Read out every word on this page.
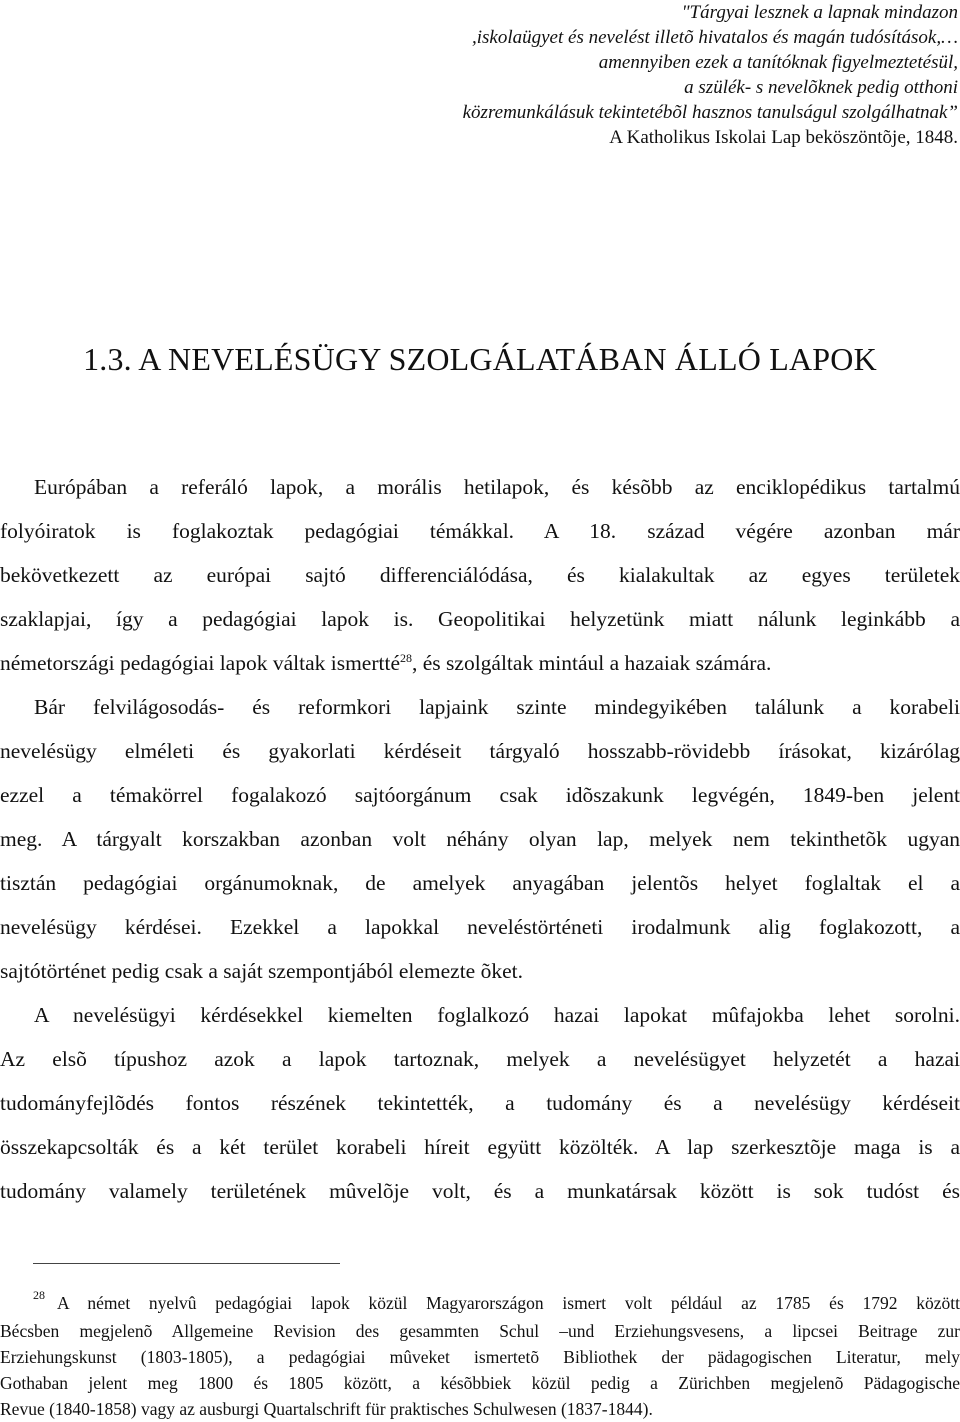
"Tárgyai lesznek a lapnak mindazon
,iskolaügyet és nevelést illetõ hivatalos és magán tudósítások,…
amennyiben ezek a tanítóknak figyelmeztetésül,
a szülék- s nevelõknek pedig otthoni
közremunkálásuk tekintetébõl hasznos tanulságul szolgálhatnak”
A Katholikus Iskolai Lap beköszöntõje, 1848.
1.3. A NEVELÉSÜGY SZOLGÁLATÁBAN ÁLLÓ LAPOK

Európában a referáló lapok, a morális hetilapok, és késõbb az enciklopédikus tartalmú
folyóiratok is foglakoztak pedagógiai témákkal. A 18. század végére azonban már
bekövetkezett az európai sajtó differenciálódása, és kialakultak az egyes területek
szaklapjai, így a pedagógiai lapok is. Geopolitikai helyzetünk miatt nálunk leginkább a
németországi pedagógiai lapok váltak ismertté$^{28}$, és szolgáltak mintául a hazaiak számára.

Bár felvilágosodás- és reformkori lapjaink szinte mindegyikében találunk a korabeli
nevelésügy elméleti és gyakorlati kérdéseit tárgyaló hosszabb-rövidebb írásokat, kizárólag
ezzel a témakörrel fogalakozó sajtóorgánum csak idõszakunk legvégén, 1849-ben jelent
meg. A tárgyalt korszakban azonban volt néhány olyan lap, melyek nem tekinthetõk ugyan
tisztán pedagógiai orgánumoknak, de amelyek anyagában jelentõs helyet foglaltak el a
nevelésügy kérdései. Ezekkel a lapokkal neveléstörténeti irodalmunk alig foglakozott, a
sajtótörténet pedig csak a saját szempontjából elemezte õket.

A nevelésügyi kérdésekkel kiemelten foglalkozó hazai lapokat mûfajokba lehet sorolni.
Az elsõ típushoz azok a lapok tartoznak, melyek a nevelésügyet helyzetét a hazai
tudományfejlõdés fontos részének tekintették, a tudomány és a nevelésügy kérdéseit
összekapcsolták és a két terület korabeli híreit együtt közölték. A lap szerkesztõje maga is a
tudomány valamely területének mûvelõje volt, és a munkatársak között is sok tudóst és

$^{28}$ A német nyelvû pedagógiai lapok közül Magyarországon ismert volt például az 1785 és 1792 között
Bécsben megjelenõ Allgemeine Revision des gesammten Schul –und Erziehungsvesens, a lipcsei Beitrage zur
Erziehungskunst (1803-1805), a pedagógiai mûveket ismertetõ Bibliothek der pädagogischen Literatur, mely
Gothaban jelent meg 1800 és 1805 között, a késõbbiek közül pedig a Zürichben megjelenõ Pädagogische
Revue (1840-1858) vagy az ausburgi Quartalschrift für praktisches Schulwesen (1837-1844).
